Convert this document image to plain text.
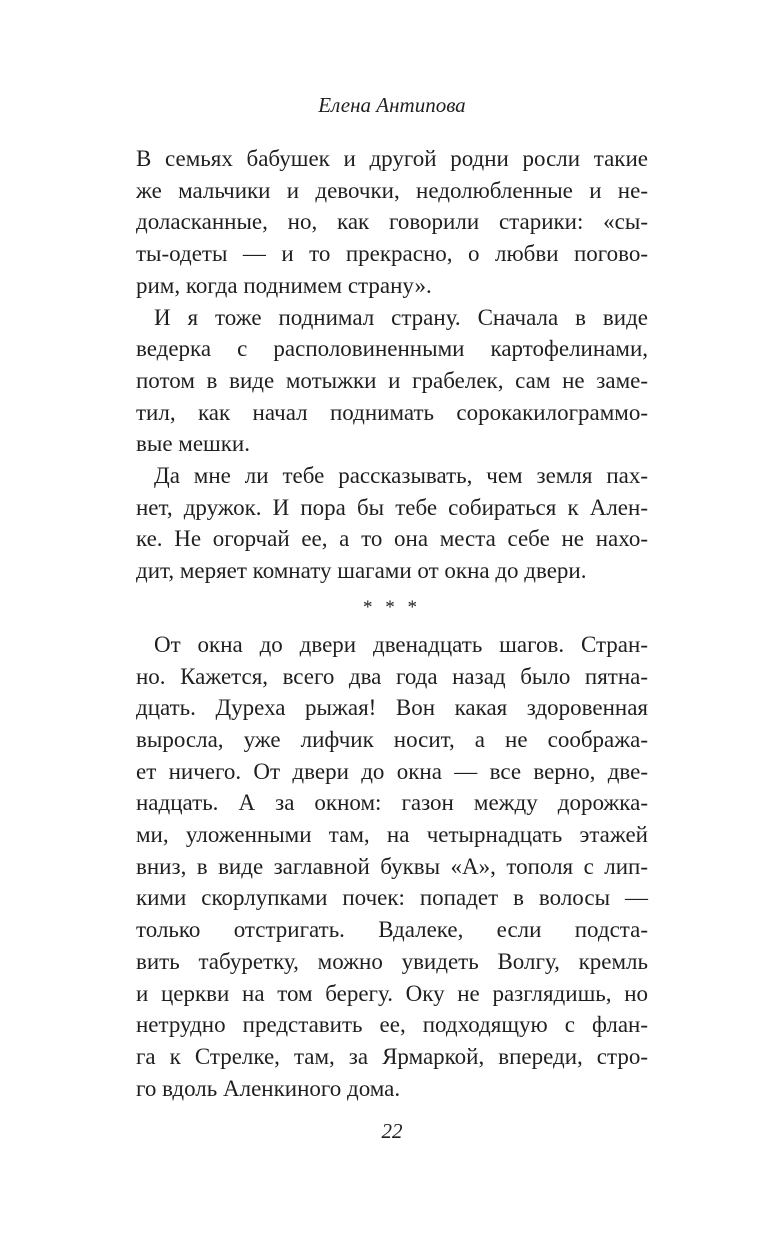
Елена Антипова
В семьях бабушек и другой родни росли такие
же мальчики и девочки, недолюбленные и не-
доласканные, но, как говорили старики: «сы-
ты-одеты — и то прекрасно, о любви погово-
рим, когда поднимем страну».
И я тоже поднимал страну. Сначала в виде
ведерка с располовиненными картофелинами,
потом в виде мотыжки и грабелек, сам не заме-
тил, как начал поднимать сорокакилограммо-
вые мешки.
Да мне ли тебе рассказывать, чем земля пах-
нет, дружок. И пора бы тебе собираться к Ален-
ке. Не огорчай ее, а то она места себе не нахо-
дит, меряет комнату шагами от окна до двери.
* * *
От окна до двери двенадцать шагов. Стран-
но. Кажется, всего два года назад было пятна-
дцать. Дуреха рыжая! Вон какая здоровенная
выросла, уже лифчик носит, а не сообража-
ет ничего. От двери до окна — все верно, две-
надцать. А за окном: газон между дорожка-
ми, уложенными там, на четырнадцать этажей
вниз, в виде заглавной буквы «А», тополя с лип-
кими скорлупками почек: попадет в волосы —
только отстригать. Вдалеке, если подста-
вить табуретку, можно увидеть Волгу, кремль
и церкви на том берегу. Оку не разглядишь, но
нетрудно представить ее, подходящую с флан-
га к Стрелке, там, за Ярмаркой, впереди, стро-
го вдоль Аленкиного дома.
22
